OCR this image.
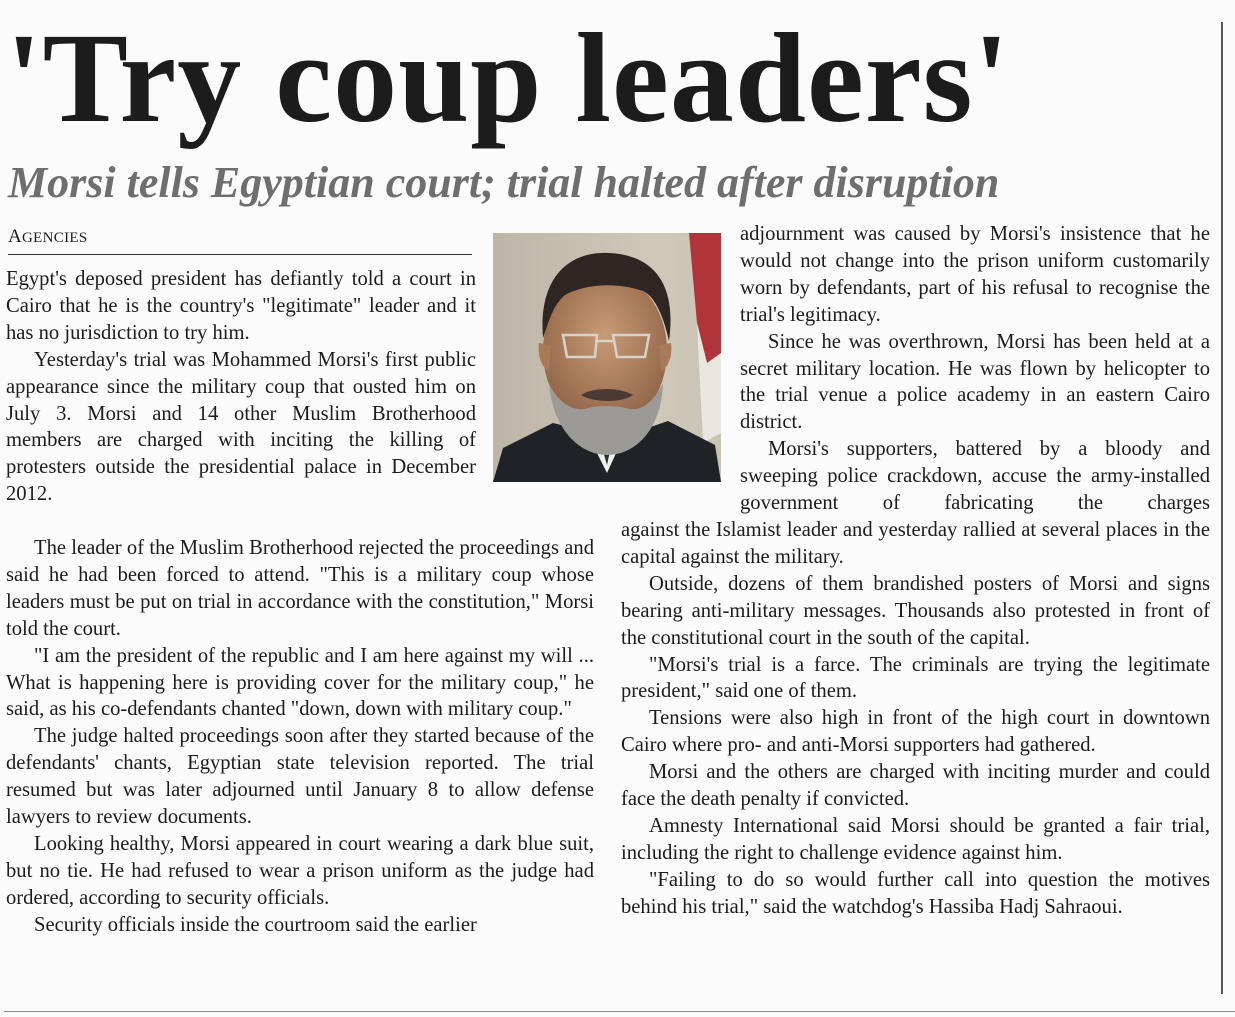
'Try coup leaders'
Morsi tells Egyptian court; trial halted after disruption
AGENCIES

Egypt's deposed president has defiantly told a court in Cairo that he is the country's "legitimate" leader and it has no jurisdiction to try him.

Yesterday's trial was Mohammed Morsi's first public appearance since the military coup that ousted him on July 3. Morsi and 14 other Muslim Brotherhood members are charged with inciting the killing of protesters outside the presidential palace in December 2012.

The leader of the Muslim Brotherhood rejected the proceedings and said he had been forced to attend. "This is a military coup whose leaders must be put on trial in accordance with the constitution," Morsi told the court.

"I am the president of the republic and I am here against my will ... What is happening here is providing cover for the military coup," he said, as his co-defendants chanted "down, down with military coup."

The judge halted proceedings soon after they started because of the defendants' chants, Egyptian state television reported. The trial resumed but was later adjourned until January 8 to allow defense lawyers to review documents.

Looking healthy, Morsi appeared in court wearing a dark blue suit, but no tie. He had refused to wear a prison uniform as the judge had ordered, according to security officials.

Security officials inside the courtroom said the earlier

adjournment was caused by Morsi's insistence that he would not change into the prison uniform customarily worn by defendants, part of his refusal to recognise the trial's legitimacy.

Since he was overthrown, Morsi has been held at a secret military location. He was flown by helicopter to the trial venue a police academy in an eastern Cairo district.

Morsi's supporters, battered by a bloody and sweeping police crackdown, accuse the army-installed government of fabricating the charges

against the Islamist leader and yesterday rallied at several places in the capital against the military.

Outside, dozens of them brandished posters of Morsi and signs bearing anti-military messages. Thousands also protested in front of the constitutional court in the south of the capital.

"Morsi's trial is a farce. The criminals are trying the legitimate president," said one of them.

Tensions were also high in front of the high court in downtown Cairo where pro- and anti-Morsi supporters had gathered.

Morsi and the others are charged with inciting murder and could face the death penalty if convicted.

Amnesty International said Morsi should be granted a fair trial, including the right to challenge evidence against him.

"Failing to do so would further call into question the motives behind his trial," said the watchdog's Hassiba Hadj Sahraoui.
